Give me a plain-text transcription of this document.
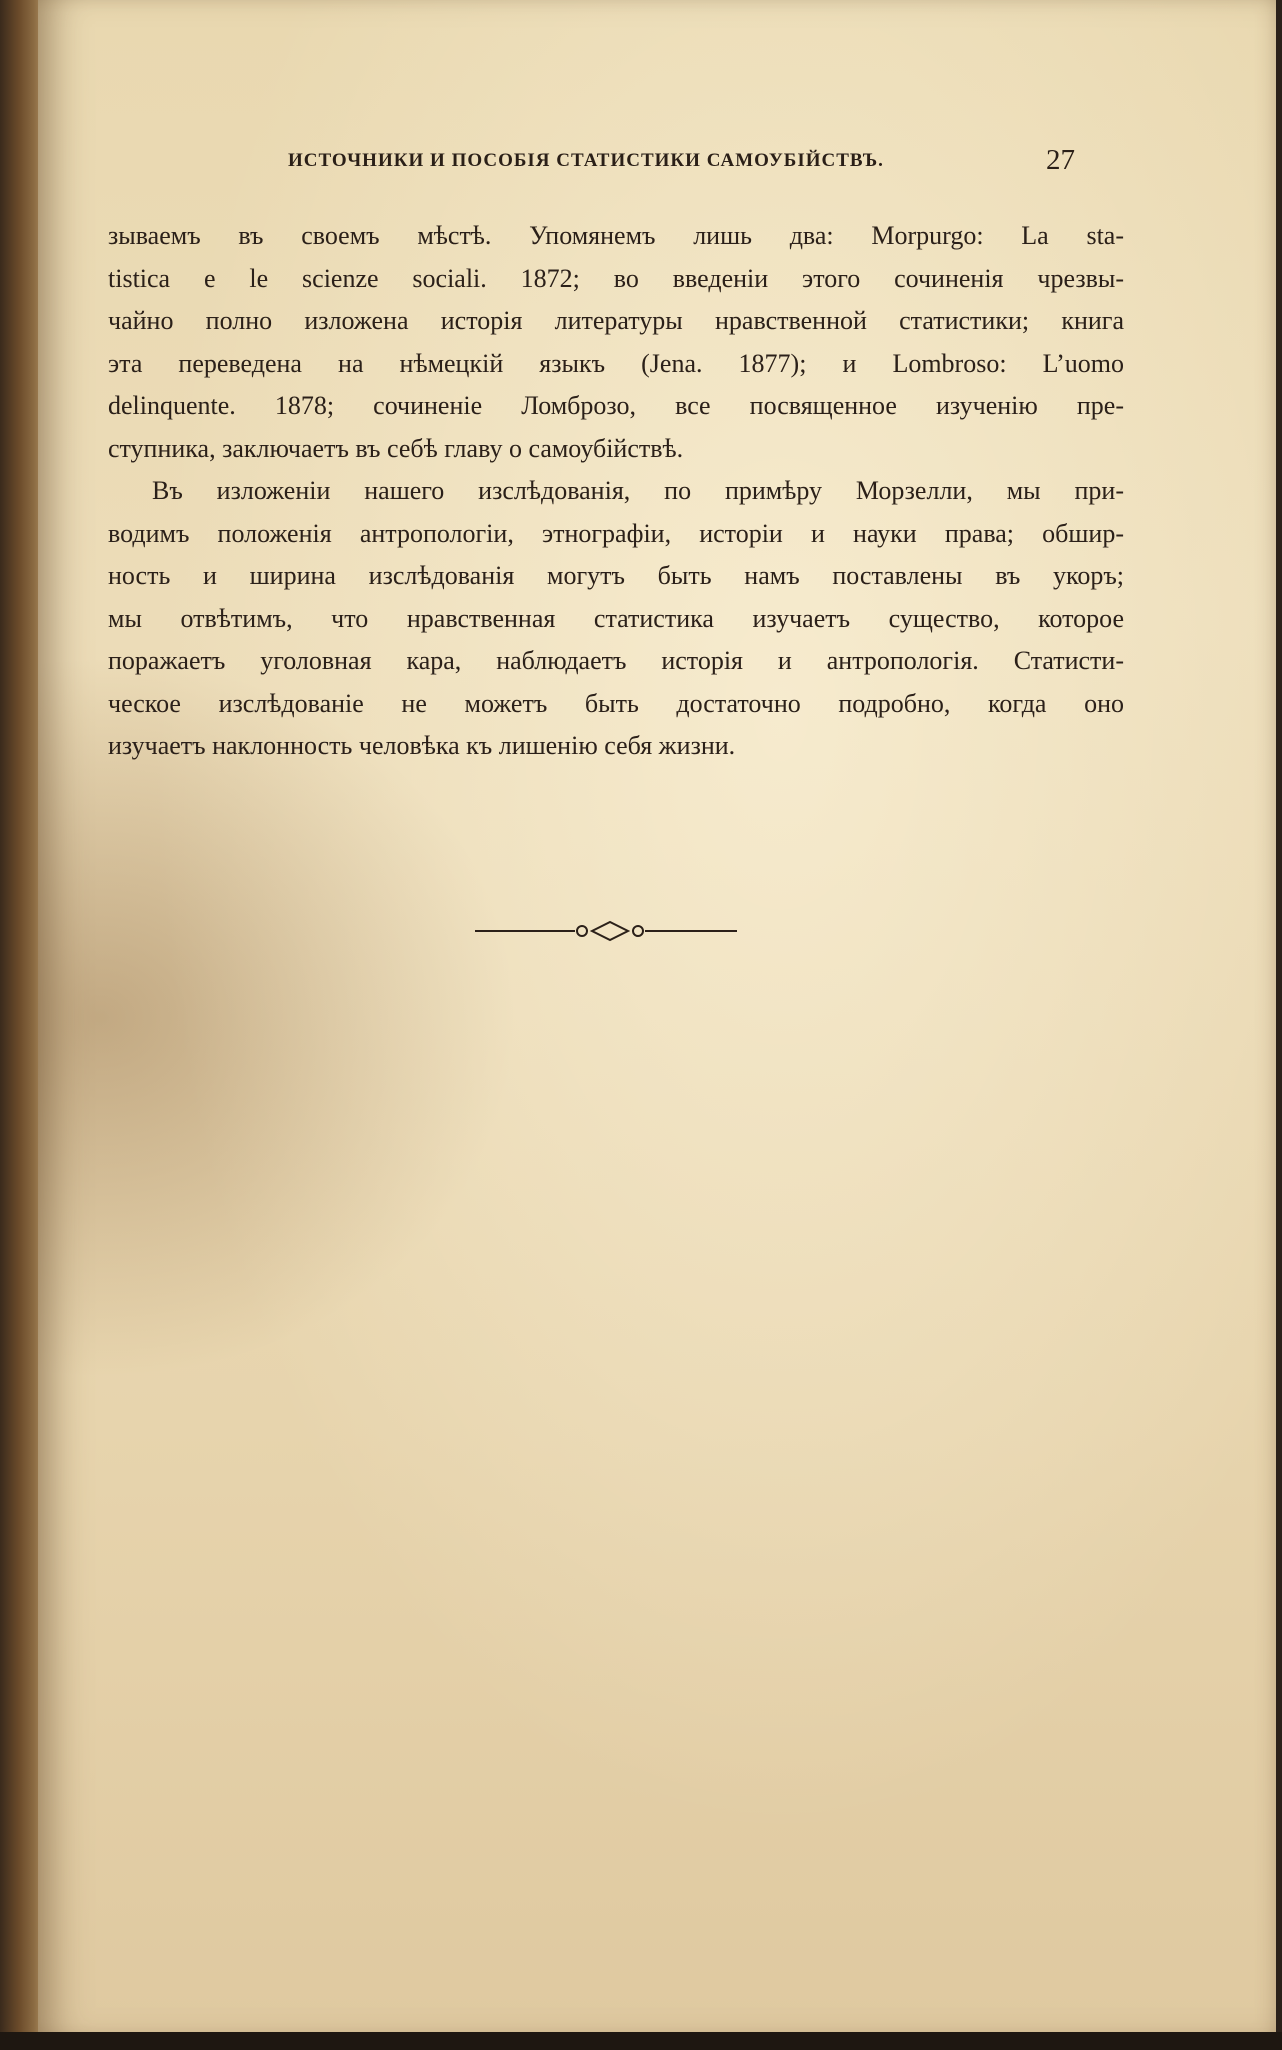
ИСТОЧНИКИ И ПОСОБІЯ СТАТИСТИКИ САМОУБІЙСТВЪ.	27
зываемъ въ своемъ мѣстѣ. Упомянемъ лишь два: Morpurgo: La sta-
tistica e le scienze sociali. 1872; во введеніи этого сочиненія чрезвы-
чайно полно изложена исторія литературы нравственной статистики; книга
эта переведена на нѣмецкій языкъ (Jena. 1877); и Lombroso: L’uomo
delinquente. 1878; сочиненіе Ломброзо, все посвященное изученію пре-
ступника, заключаетъ въ себѣ главу о самоубійствѣ.
Въ изложеніи нашего изслѣдованія, по примѣру Морзелли, мы при-
водимъ положенія антропологіи, этнографіи, исторіи и науки права; обшир-
ность и ширина изслѣдованія могутъ быть намъ поставлены въ укоръ;
мы отвѣтимъ, что нравственная статистика изучаетъ существо, которое
поражаетъ уголовная кара, наблюдаетъ исторія и антропологія. Статисти-
ческое изслѣдованіе не можетъ быть достаточно подробно, когда оно
изучаетъ наклонность человѣка къ лишенію себя жизни.
